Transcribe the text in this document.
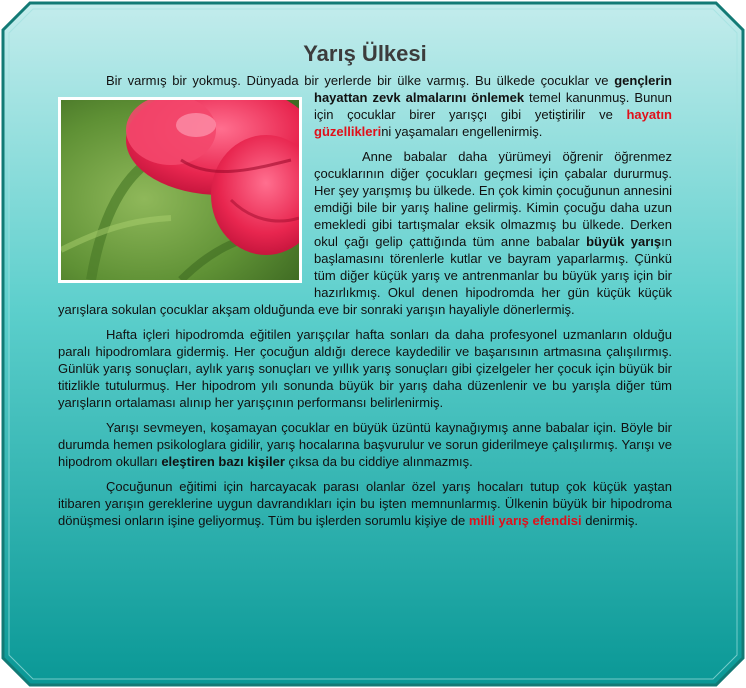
Yarış Ülkesi

Bir varmış bir yokmuş. Dünyada bir yerlerde bir ülke varmış. Bu ülkede çocuklar ve
gençlerin hayattan zevk almalarını önlemek temel kanunmuş. Bunun için çocuklar birer yarışçı gibi yetiştirilir ve hayatın güzelliklerini yaşamaları engellenirmiş.

Anne babalar daha yürümeyi öğrenir öğrenmez çocuklarının diğer çocukları geçmesi için çabalar dururmuş. Her şey yarışmış bu ülkede. En çok kimin çocuğunun annesini emdiği bile bir yarış haline gelirmiş. Kimin çocuğu daha uzun emekledi gibi tartışmalar eksik olmazmış bu ülkede. Derken okul çağı gelip çattığında tüm anne babalar büyük yarışın başlamasını törenlerle kutlar ve bayram yaparlarmış. Çünkü tüm diğer küçük yarış ve antrenmanlar bu büyük yarış için bir hazırlıkmış. Okul denen hipodromda her gün küçük küçük yarışlara sokulan çocuklar akşam olduğunda eve bir sonraki yarışın hayaliyle dönerlermiş.

Hafta içleri hipodromda eğitilen yarışçılar hafta sonları da daha profesyonel uzmanların olduğu paralı hipodromlara gidermiş. Her çocuğun aldığı derece kaydedilir ve başarısının artmasına çalışılırmış. Günlük yarış sonuçları, aylık yarış sonuçları ve yıllık yarış sonuçları gibi çizelgeler her çocuk için büyük bir titizlikle tutulurmuş. Her hipodrom yılı sonunda büyük bir yarış daha düzenlenir ve bu yarışla diğer tüm yarışların ortalaması alınıp her yarışçının performansı belirlenirmiş.

Yarışı sevmeyen, koşamayan çocuklar en büyük üzüntü kaynağıymış anne babalar için. Böyle bir durumda hemen psikologlara gidilir, yarış hocalarına başvurulur ve sorun giderilmeye çalışılırmış. Yarışı ve hipodrom okulları eleştiren bazı kişiler çıksa da bu ciddiye alınmazmış.

Çocuğunun eğitimi için harcayacak parası olanlar özel yarış hocaları tutup çok küçük yaştan itibaren yarışın gereklerine uygun davrandıkları için bu işten memnunlarmış. Ülkenin büyük bir hipodroma dönüşmesi onların işine geliyormuş. Tüm bu işlerden sorumlu kişiye de milli yarış efendisi denirmiş.
